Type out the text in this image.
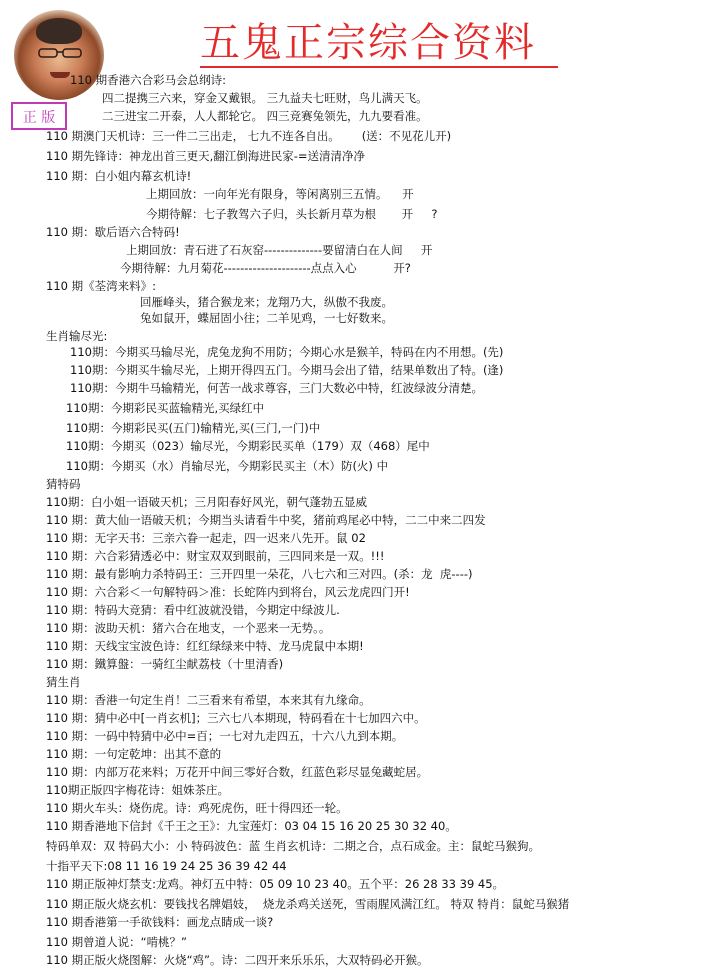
正 版
五鬼正宗综合资料
110 期香港六合彩马会总纲诗:
四二提携三六来，穿金又戴银。 三九益夫七旺财，鸟儿满天飞。
二三进宝二开泰，人人都轮它。 四三竞赛兔领先，九九要看准。
110 期澳门天机诗：三一件二三出走， 七九不连各自出。      (送：不见花儿开)
110 期先锋诗：神龙出首三更天,翻江倒海进民家-=送清清净净
110 期：白小姐内幕玄机诗!
上期回放：一向年光有限身，等闲离别三五情。    开
今期待解：七子教驾六子归，头长新月草为根       开     ?
110 期：歇后语六合特码!
上期回放：青石进了石灰窑--------------要留清白在人间     开
今期待解：九月菊花---------------------点点入心          开?
110 期《荃湾来料》:
回雁峰头，猪合猴龙来；龙翔乃大，纵傲不我废。
兔如鼠开，蝶屈固小往；二羊见鸡，一七好数来。
生肖输尽光:
110期：今期买马输尽光，虎兔龙狗不用防；今期心水是猴羊，特码在内不用想。(先)
110期：今期买牛输尽光，上期开得四五门。今期马会出了错，结果单数出了特。(逢)
110期：今期牛马输精光，何苦一战求尊容，三门大数必中特，红波绿波分清楚。
110期：今期彩民买蓝输精光,买绿红中
110期：今期彩民买(五门)输精光,买(三门,一门)中
110期：今期买（023）输尽光，今期彩民买单（179）双（468）尾中
110期：今期买（水）肖输尽光，今期彩民买主（木）防(火) 中
猜特码
110期：白小姐一语破天机；三月阳春好风光，朝气蓬勃五显威
110 期：黄大仙一语破天机；今期当头请看牛中奖，猪前鸡尾必中特，二二中来二四发
110 期：无字天书：三亲六眷一起走，四一迟来八先开。鼠 02
110 期：六合彩猜透必中：财宝双双到眼前，三四同来是一双。!!!
110 期：最有影响力杀特码王：三开四里一朵花，八七六和三对四。(杀：龙  虎----)
110 期：六合彩＜一句解特码＞准：长蛇阵内到将台，风云龙虎四门开!
110 期：特码大竞猜：看中红波就没错，今期定中绿波儿.
110 期：波助天机：猪六合在地支，一个恶来一无势。。
110 期：天线宝宝波色诗：红红绿绿来中特、龙马虎鼠中本期!
110 期：鐵算盤：一骑红尘献荔枝（十里清香)
猜生肖
110 期：香港一句定生肖！二三看来有希望，本来其有九缘命。
110 期：猜中必中[一肖玄机]；三六七八本期现，特码看在十七加四六中。
110 期：一码中特猜中必中=百；一七对九走四五，十六八九到本期。
110 期：一句定乾坤：出其不意的
110 期：内部万花来料；万花开中间三零好合数，红蓝色彩尽显兔藏蛇居。
110期正版四字梅花诗：姐姝茶庄。
110 期火车头：烧伤虎。诗：鸡死虎伤，旺十得四还一轮。
110 期香港地下信封《千王之王》：九宝莲灯：03 04 15 16 20 25 30 32 40。
特码单双：双 特码大小：小 特码波色：蓝 生肖玄机诗：二期之合，点石成金。主：鼠蛇马猴狗。
十指平天下:08 11 16 19 24 25 36 39 42 44
110 期正版神灯禁支:龙鸡。神灯五中特：05 09 10 23 40。五个平：26 28 33 39 45。
110 期正版火烧玄机：要钱找名牌娼妓，  烧龙杀鸡关送死，雪雨腥风满江红。 特双 特肖：鼠蛇马猴猪
110 期香港第一手欲钱料：画龙点睛成一谈?
110 期曾道人说：“啃桃？”
110 期正版火烧图解：火烧“鸡”。诗：二四开来乐乐乐，大双特码必开猴。
